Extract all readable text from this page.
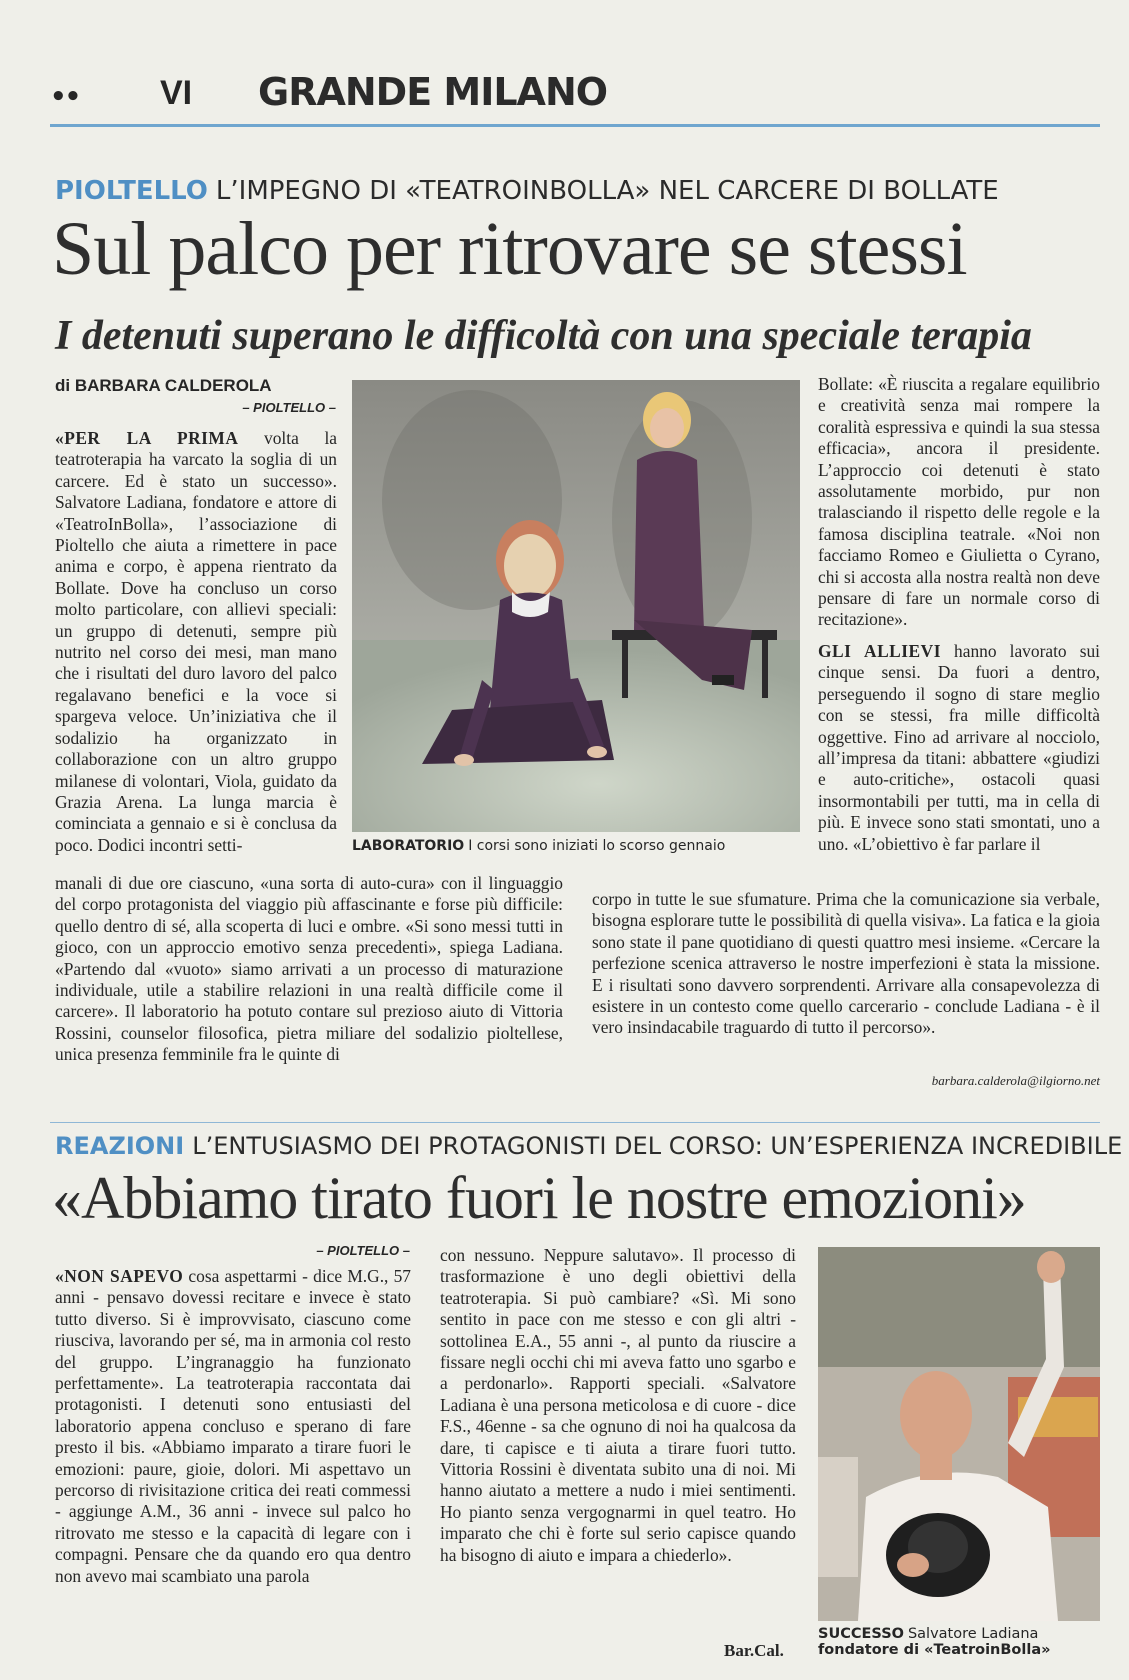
•• VI GRANDE MILANO
PIOLTELLO L’IMPEGNO DI «TEATROINBOLLA» NEL CARCERE DI BOLLATE
Sul palco per ritrovare se stessi
I detenuti superano le difficoltà con una speciale terapia
di BARBARA CALDEROLA
– PIOLTELLO –
«PER LA PRIMA volta la teatroterapia ha varcato la soglia di un carcere. Ed è stato un successo». Salvatore Ladiana, fondatore e attore di «TeatroInBolla», l’associazione di Pioltello che aiuta a rimettere in pace anima e corpo, è appena rientrato da Bollate. Dove ha concluso un corso molto particolare, con allievi speciali: un gruppo di detenuti, sempre più nutrito nel corso dei mesi, man mano che i risultati del duro lavoro del palco regalavano benefici e la voce si spargeva veloce. Un’iniziativa che il sodalizio ha organizzato in collaborazione con un altro gruppo milanese di volontari, Viola, guidato da Grazia Arena. La lunga marcia è cominciata a gennaio e si è conclusa da poco. Dodici incontri setti-	LABORATORIO I corsi sono iniziati lo scorso gennaio
Bollate: «È riuscita a regalare equilibrio e creatività senza mai rompere la coralità espressiva e quindi la sua stessa efficacia», ancora il presidente. L’approccio coi detenuti è stato assolutamente morbido, pur non tralasciando il rispetto delle regole e la famosa disciplina teatrale. «Noi non facciamo Romeo e Giulietta o Cyrano, chi si accosta alla nostra realtà non deve pensare di fare un normale corso di recitazione».
GLI ALLIEVI hanno lavorato sui cinque sensi. Da fuori a dentro, perseguendo il sogno di stare meglio con se stessi, fra mille difficoltà oggettive. Fino ad arrivare al nocciolo, all’impresa da titani: abbattere «giudizi e auto-critiche», ostacoli quasi insormontabili per tutti, ma in cella di più. E invece sono stati smontati, uno a uno. «L’obiettivo è far parlare il
manali di due ore ciascuno, «una sorta di auto-cura» con il linguaggio del corpo protagonista del viaggio più affascinante e forse più difficile: quello dentro di sé, alla scoperta di luci e ombre. «Si sono messi tutti in gioco, con un approccio emotivo senza precedenti», spiega Ladiana. «Partendo dal «vuoto» siamo arrivati a un processo di maturazione individuale, utile a stabilire relazioni in una realtà difficile come il carcere». Il laboratorio ha potuto contare sul prezioso aiuto di Vittoria Rossini, counselor filosofica, pietra miliare del sodalizio pioltellese, unica presenza femminile fra le quinte di
corpo in tutte le sue sfumature. Prima che la comunicazione sia verbale, bisogna esplorare tutte le possibilità di quella visiva». La fatica e la gioia sono state il pane quotidiano di questi quattro mesi insieme. «Cercare la perfezione scenica attraverso le nostre imperfezioni è stata la missione. E i risultati sono davvero sorprendenti. Arrivare alla consapevolezza di esistere in un contesto come quello carcerario - conclude Ladiana - è il vero insindacabile traguardo di tutto il percorso».
barbara.calderola@ilgiorno.net
REAZIONI L’ENTUSIASMO DEI PROTAGONISTI DEL CORSO: UN’ESPERIENZA INCREDIBILE
«Abbiamo tirato fuori le nostre emozioni»
– PIOLTELLO –
«NON SAPEVO cosa aspettarmi - dice M.G., 57 anni - pensavo dovessi recitare e invece è stato tutto diverso. Si è improvvisato, ciascuno come riusciva, lavorando per sé, ma in armonia col resto del gruppo. L’ingranaggio ha funzionato perfettamente». La teatroterapia raccontata dai protagonisti. I detenuti sono entusiasti del laboratorio appena concluso e sperano di fare presto il bis. «Abbiamo imparato a tirare fuori le emozioni: paure, gioie, dolori. Mi aspettavo un percorso di rivisitazione critica dei reati commessi - aggiunge A.M., 36 anni - invece sul palco ho ritrovato me stesso e la capacità di legare con i compagni. Pensare che da quando ero qua dentro non avevo mai scambiato una parola
con nessuno. Neppure salutavo». Il processo di trasformazione è uno degli obiettivi della teatroterapia. Si può cambiare? «Sì. Mi sono sentito in pace con me stesso e con gli altri - sottolinea E.A., 55 anni -, al punto da riuscire a fissare negli occhi chi mi aveva fatto uno sgarbo e a perdonarlo». Rapporti speciali. «Salvatore Ladiana è una persona meticolosa e di cuore - dice F.S., 46enne - sa che ognuno di noi ha qualcosa da dare, ti capisce e ti aiuta a tirare fuori tutto. Vittoria Rossini è diventata subito una di noi. Mi hanno aiutato a mettere a nudo i miei sentimenti. Ho pianto senza vergognarmi in quel teatro. Ho imparato che chi è forte sul serio capisce quando ha bisogno di aiuto e impara a chiederlo».
Bar.Cal.
SUCCESSO Salvatore Ladiana
fondatore di «TeatroinBolla»
